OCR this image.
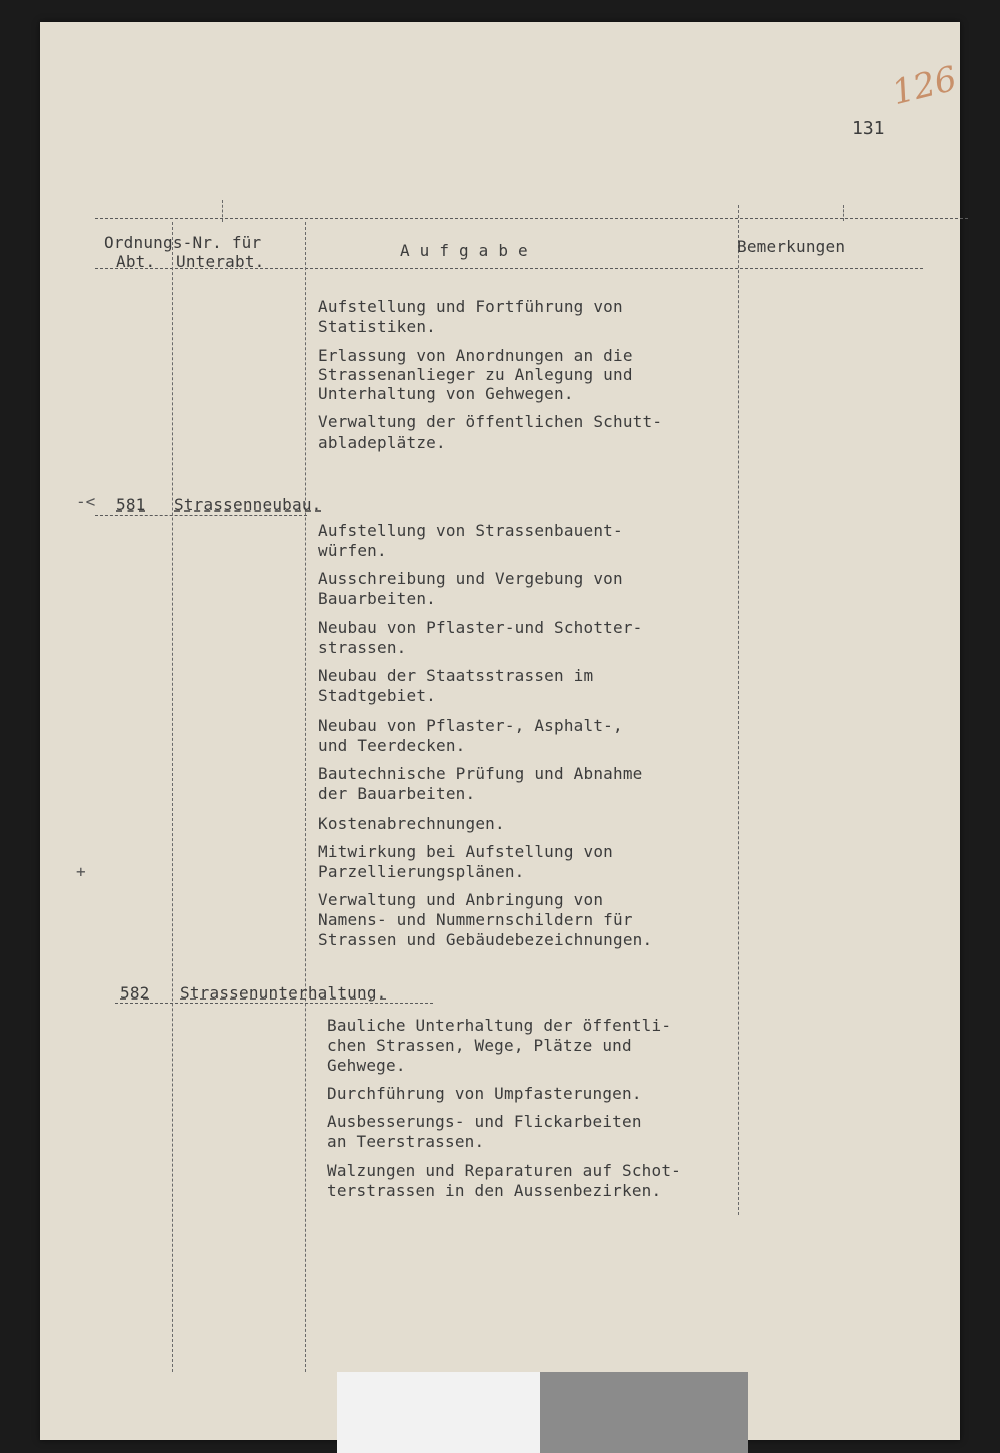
126
131
Ordnungs-Nr. für
Abt. Unterabt.
A u f g a b e	Bemerkungen
-<
+
Aufstellung und Fortführung von
Statistiken.
Erlassung von Anordnungen an die
Strassenanlieger zu Anlegung und
Unterhaltung von Gehwegen.
Verwaltung der öffentlichen Schutt-
abladeplätze.
581 Strassenneubau.
Aufstellung von Strassenbauent-
würfen.
Ausschreibung und Vergebung von
Bauarbeiten.
Neubau von Pflaster-und Schotter-
strassen.
Neubau der Staatsstrassen im
Stadtgebiet.
Neubau von Pflaster-, Asphalt-,
und Teerdecken.
Bautechnische Prüfung und Abnahme
der Bauarbeiten.
Kostenabrechnungen.
Mitwirkung bei Aufstellung von
Parzellierungsplänen.
Verwaltung und Anbringung von
Namens- und Nummernschildern für
Strassen und Gebäudebezeichnungen.
582 Strassenunterhaltung.
Bauliche Unterhaltung der öffentli-
chen Strassen, Wege, Plätze und
Gehwege.
Durchführung von Umpfasterungen.
Ausbesserungs- und Flickarbeiten
an Teerstrassen.
Walzungen und Reparaturen auf Schot-
terstrassen in den Aussenbezirken.
